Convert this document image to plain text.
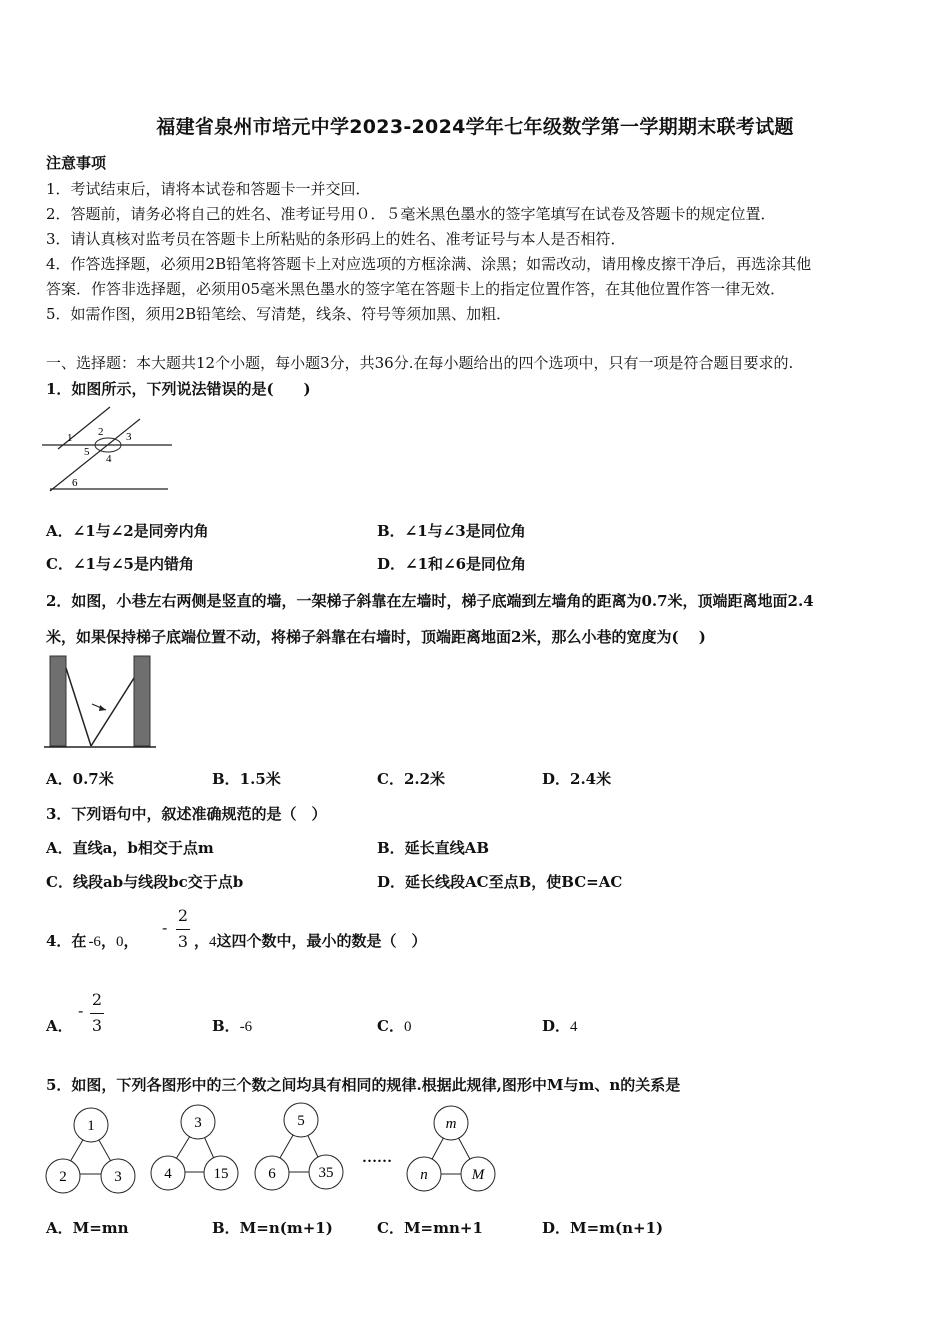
福建省泉州市培元中学2023-2024学年七年级数学第一学期期末联考试题
注意事项
1．考试结束后，请将本试卷和答题卡一并交回．
2．答题前，请务必将自己的姓名、准考证号用０．５毫米黑色墨水的签字笔填写在试卷及答题卡的规定位置．
3．请认真核对监考员在答题卡上所粘贴的条形码上的姓名、准考证号与本人是否相符．
4．作答选择题，必须用2B铅笔将答题卡上对应选项的方框涂满、涂黑；如需改动，请用橡皮擦干净后，再选涂其他
答案．作答非选择题，必须用05毫米黑色墨水的签字笔在答题卡上的指定位置作答，在其他位置作答一律无效．
5．如需作图，须用2B铅笔绘、写清楚，线条、符号等须加黑、加粗．
一、选择题：本大题共12个小题，每小题3分，共36分.在每小题给出的四个选项中，只有一项是符合题目要求的.
1．如图所示，下列说法错误的是(　　)
1 2 3
5
4
6
A．∠1与∠2是同旁内角	B．∠1与∠3是同位角
C．∠1与∠5是内错角	D．∠1和∠6是同位角
2．如图，小巷左右两侧是竖直的墙，一架梯子斜靠在左墙时，梯子底端到左墙角的距离为0.7米，顶端距离地面2.4
米，如果保持梯子底端位置不动，将梯子斜靠在右墙时，顶端距离地面2米，那么小巷的宽度为(　 )
A．0.7米	B．1.5米	C．2.2米	D．2.4米
3．下列语句中，叙述准确规范的是（　）
A．直线a，b相交于点m	B．延长直线AB
C．线段ab与线段bc交于点b	D．延长线段AC至点B，使BC=AC
4．在 -6，0，
-
2
3 ，4这四个数中，最小的数是（　）
A．
-
2
3	B．-6	C．0	D．4
5．如图，下列各图形中的三个数之间均具有相同的规律.根据此规律,图形中M与m、n的关系是
1
2	3
3
4	15
5
6	35
……
m
n	M
A．M=mn	B．M=n(m+1)	C．M=mn+1	D．M=m(n+1)
